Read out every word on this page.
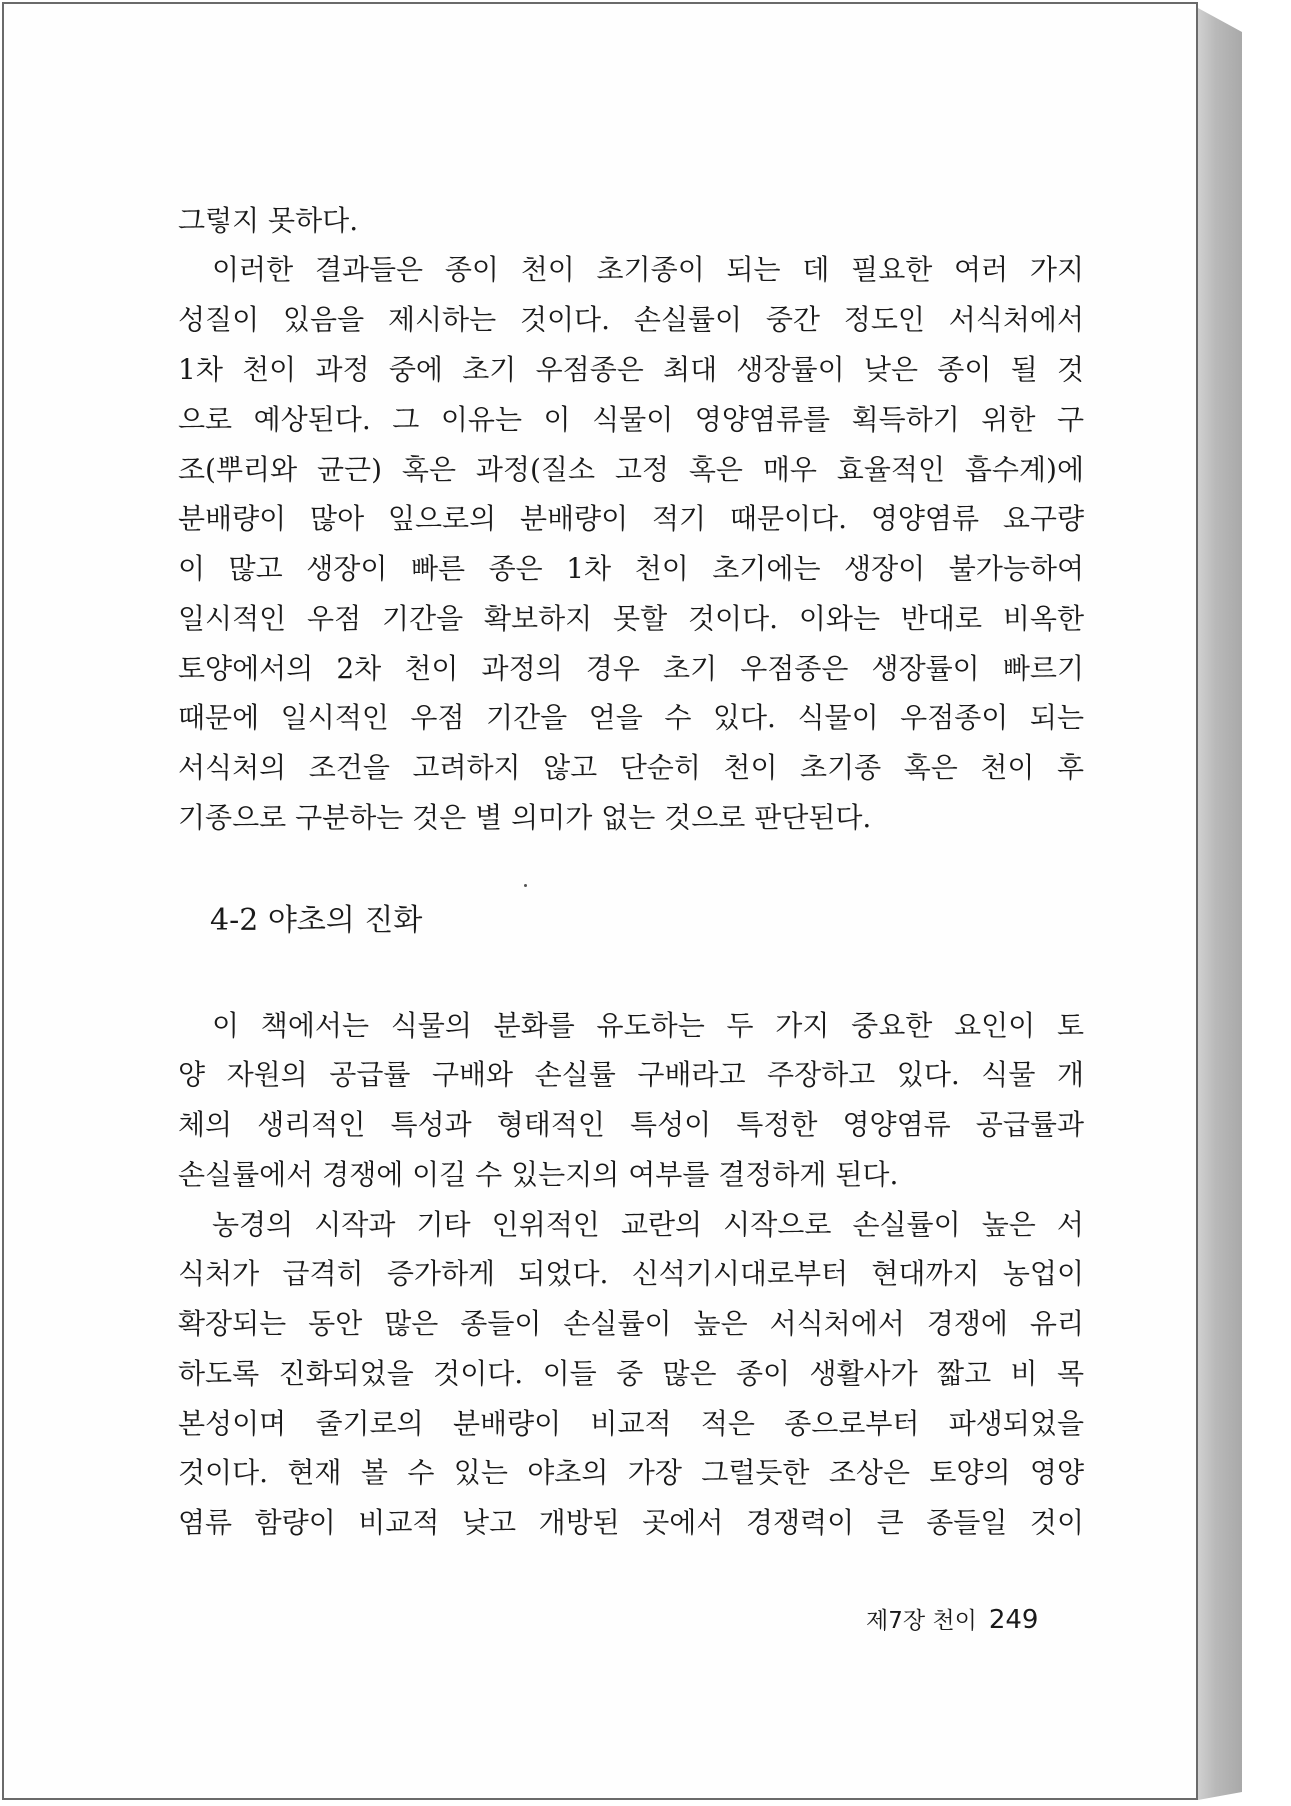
그렇지 못하다.
이러한 결과들은 종이 천이 초기종이 되는 데 필요한 여러 가지
성질이 있음을 제시하는 것이다. 손실률이 중간 정도인 서식처에서
1차 천이 과정 중에 초기 우점종은 최대 생장률이 낮은 종이 될 것
으로 예상된다. 그 이유는 이 식물이 영양염류를 획득하기 위한 구
조(뿌리와 균근) 혹은 과정(질소 고정 혹은 매우 효율적인 흡수계)에
분배량이 많아 잎으로의 분배량이 적기 때문이다. 영양염류 요구량
이 많고 생장이 빠른 종은 1차 천이 초기에는 생장이 불가능하여
일시적인 우점 기간을 확보하지 못할 것이다. 이와는 반대로 비옥한
토양에서의 2차 천이 과정의 경우 초기 우점종은 생장률이 빠르기
때문에 일시적인 우점 기간을 얻을 수 있다. 식물이 우점종이 되는
서식처의 조건을 고려하지 않고 단순히 천이 초기종 혹은 천이 후
기종으로 구분하는 것은 별 의미가 없는 것으로 판단된다.
4-2 야초의 진화
이 책에서는 식물의 분화를 유도하는 두 가지 중요한 요인이 토
양 자원의 공급률 구배와 손실률 구배라고 주장하고 있다. 식물 개
체의 생리적인 특성과 형태적인 특성이 특정한 영양염류 공급률과
손실률에서 경쟁에 이길 수 있는지의 여부를 결정하게 된다.
농경의 시작과 기타 인위적인 교란의 시작으로 손실률이 높은 서
식처가 급격히 증가하게 되었다. 신석기시대로부터 현대까지 농업이
확장되는 동안 많은 종들이 손실률이 높은 서식처에서 경쟁에 유리
하도록 진화되었을 것이다. 이들 중 많은 종이 생활사가 짧고 비 목
본성이며 줄기로의 분배량이 비교적 적은 종으로부터 파생되었을
것이다. 현재 볼 수 있는 야초의 가장 그럴듯한 조상은 토양의 영양
염류 함량이 비교적 낮고 개방된 곳에서 경쟁력이 큰 종들일 것이
제7장 천이 249
